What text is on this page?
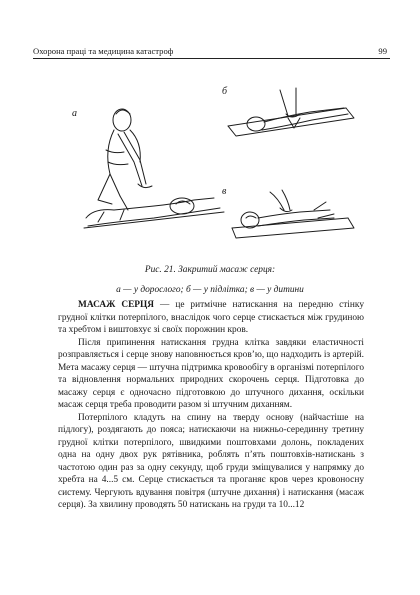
Охорона праці та медицина катастроф	99
а
б
в
Рис. 21. Закритий масаж серця:
а — у дорослого; б — у підлітка; в — у дитини

МАСАЖ СЕРЦЯ — це ритмічне натискання на передню стінку грудної клітки потерпілого, внаслідок чого серце стискається між грудиною та хребтом і виштовхує зі своїх порожнин кров.

Після припинення натискання грудна клітка завдяки еластичності розправляється і серце знову наповнюється кров’ю, що надходить із артерій. Мета масажу серця — штучна підтримка кровообігу в організмі потерпілого та відновлення нормальних природних скорочень серця. Підготовка до масажу серця є одночасно підготовкою до штучного дихання, оскільки масаж серця треба проводити разом зі штучним диханням.

Потерпілого кладуть на спину на тверду основу (найчастіше на підлогу), роздягають до пояса; натискаючи на нижньо-серединну третину грудної клітки потерпілого, швидкими поштовхами долонь, покладених одна на одну двох рук рятівника, роблять п’ять поштовхів-натискань з частотою один раз за одну секунду, щоб груди зміщувалися у напрямку до хребта на 4...5 см. Серце стискається та проганяє кров через кровоносну систему. Чергують вдування повітря (штучне дихання) і натискання (масаж серця). За хвилину проводять 50 натискань на груди та 10...12
